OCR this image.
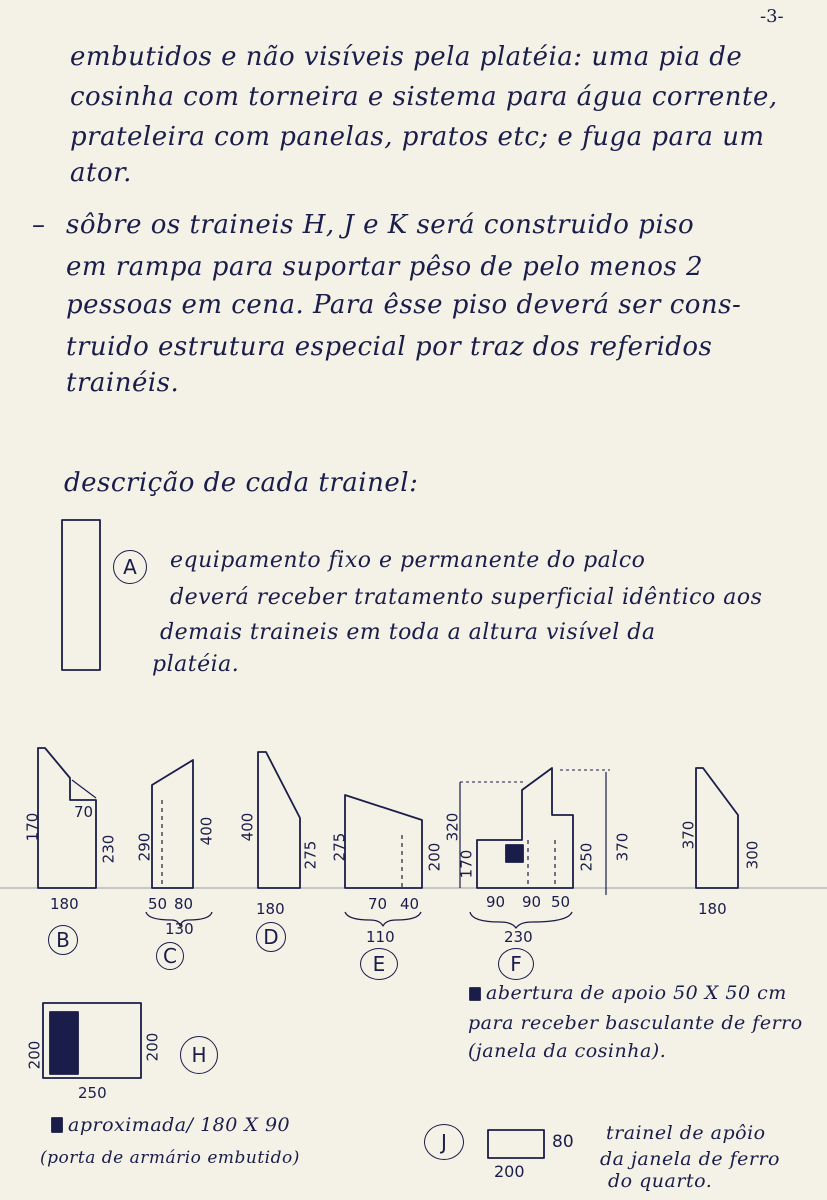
-3-
embutidos e não visíveis pela platéia: uma pia de
cosinha com torneira e sistema para água corrente,
prateleira com panelas, pratos etc; e fuga para um
ator.
– sôbre os traineis H, J e K será construido piso
em rampa para suportar pêso de pelo menos 2
pessoas em cena. Para êsse piso deverá ser cons-
truido estrutura especial por traz dos referidos
trainéis.
descrição de cada trainel:
A	equipamento fixo e permanente do palco
deverá receber tratamento superficial idêntico aos
demais traineis em toda a altura visível da
platéia.
170
70
230
180
B
290
400
50 80
130
C
400
275
180
D
275	200
70 40
110
E
320
170	250 370
90 90 50
230
F
abertura de apoio 50 X 50 cm
para receber basculante de ferro
(janela da cosinha).
370
300
180
200	200
250
H
aproximada/ 180 X 90
(porta de armário embutido)
J	80
200
trainel de apôio
da janela de ferro
do quarto.
